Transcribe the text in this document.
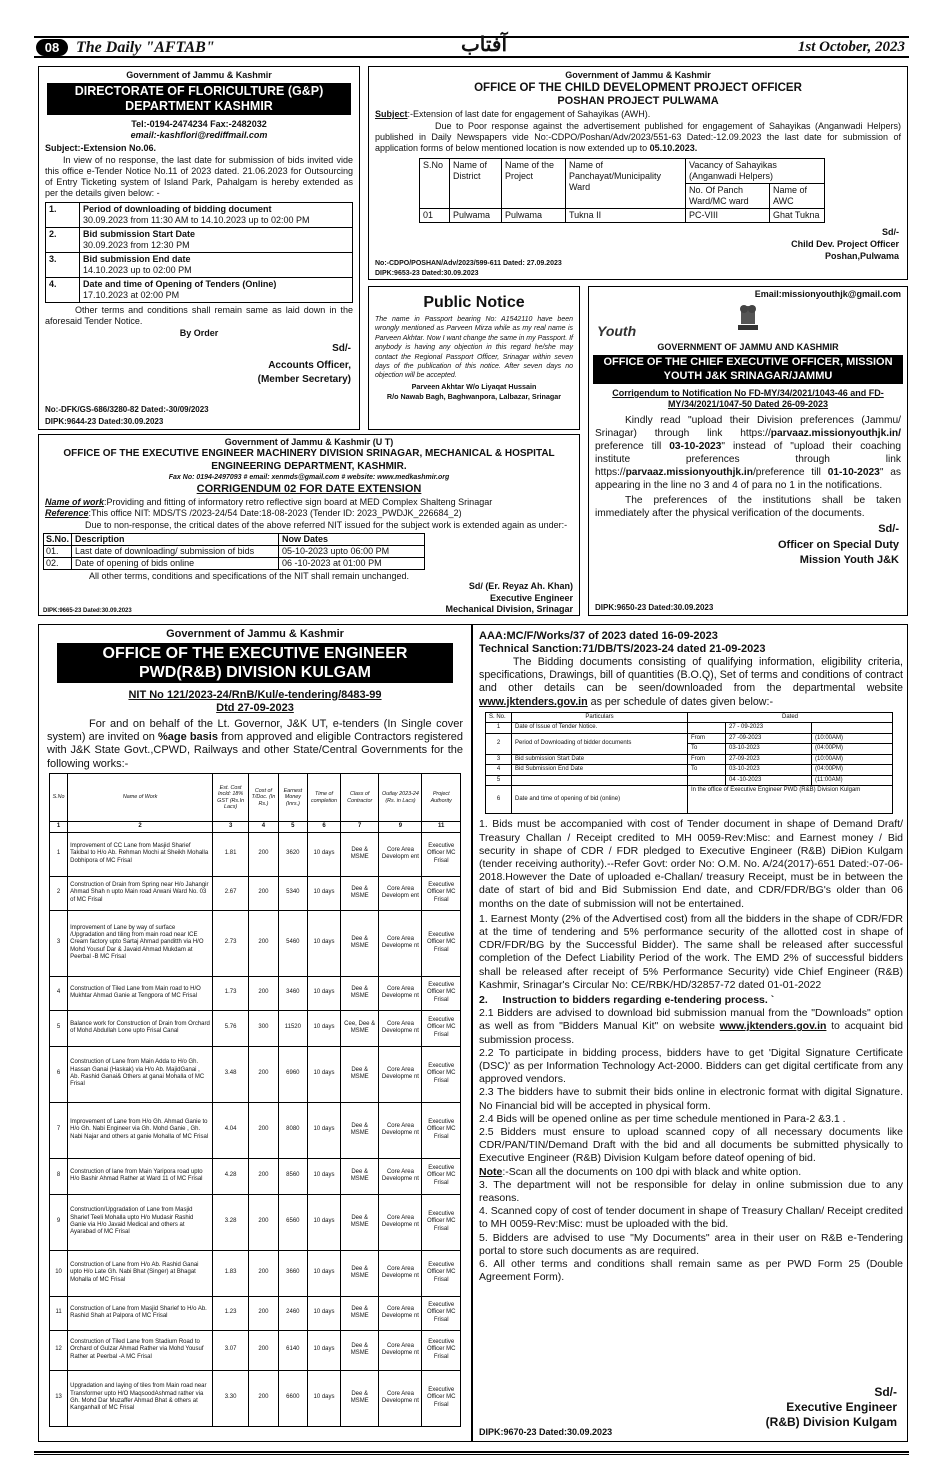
08	The Daily "AFTAB"	آفتاب	1st October, 2023
Government of Jammu & Kashmir
DIRECTORATE OF FLORICULTURE (G&P) DEPARTMENT KASHMIR
Tel:-0194-2474234 Fax:-2482032
email:-kashflori@rediffmail.com
Subject:-Extension No.06.
In view of no response, the last date for submission of bids invited vide this office e-Tender Notice No.11 of 2023 dated. 21.06.2023 for Outsourcing of Entry Ticketing system of Island Park, Pahalgam is hereby extended as per the details given below: -
1.	Period of downloading of bidding document
30.09.2023 from 11:30 AM to 14.10.2023 up to 02:00 PM

2.	Bid submission Start Date
30.09.2023 from 12:30 PM

3.	Bid submission End date
14.10.2023 up to 02:00 PM

4.	Date and time of Opening of Tenders (Online)
17.10.2023 at 02:00 PM
Other terms and conditions shall remain same as laid down in the aforesaid Tender Notice.
By Order
Sd/-
Accounts Officer,
(Member Secretary)
No:-DFK/GS-686/3280-82 Dated:-30/09/2023
DIPK:9644-23 Dated:30.09.2023
Government of Jammu & Kashmir
OFFICE OF THE CHILD DEVELOPMENT PROJECT OFFICER
POSHAN PROJECT PULWAMA
Subject:-Extension of last date for engagement of Sahayikas (AWH).
Due to Poor response against the advertisement published for engagement of Sahayikas (Anganwadi Helpers) published in Daily Newspapers vide No:-CDPO/Poshan/Adv/2023/551-63 Dated:-12.09.2023 the last date for submission of application forms of below mentioned location is now extended up to 05.10.2023.
S.No	Name of District	Name of the Project	Name of Panchayat/Municipality Ward	Vacancy of Sahayikas (Anganwadi Helpers)	
				No. Of Panch Ward/MC ward	Name of AWC
01	Pulwama	Pulwama	Tukna II	PC-VIII	Ghat Tukna
Sd/-
Child Dev. Project Officer
Poshan,Pulwama
No:-CDPO/POSHAN/Adv/2023/599-611 Dated: 27.09.2023
DIPK:9653-23 Dated:30.09.2023
Public Notice
The name in Passport bearing No: A1542110 have been wrongly mentioned as Parveen Mirza while as my real name is Parveen Akhtar. Now I want change the same in my Passport. If anybody is having any objection in this regard he/she may contact the Regional Passport Officer, Srinagar within seven days of the publication of this notice. After seven days no objection will be accepted.
Parveen Akhtar W/o Liyaqat Hussain
R/o Nawab Bagh, Baghwanpora, Lalbazar, Srinagar
Email:missionyouthjk@gmail.com
Youth
GOVERNMENT OF JAMMU AND KASHMIR
OFFICE OF THE CHIEF EXECUTIVE OFFICER, MISSION YOUTH J&K SRINAGAR/JAMMU
Corrigendum to Notification No FD-MY/34/2021/1043-46 and FD-MY/34/2021/1047-50 Dated 26-09-2023
Kindly read "upload their Division preferences (Jammu/ Srinagar) through link https://parvaaz.missionyouthjk.in/ preference till 03-10-2023" instead of "upload their coaching institute preferences through link https://parvaaz.missionyouthjk.in/preference till 01-10-2023" as appearing in the line no 3 and 4 of para no 1 in the notifications.
The preferences of the institutions shall be taken immediately after the physical verification of the documents.
Sd/-
Officer on Special Duty
Mission Youth J&K
DIPK:9650-23 Dated:30.09.2023
Government of Jammu & Kashmir (U T)
OFFICE OF THE EXECUTIVE ENGINEER MACHINERY DIVISION SRINAGAR, MECHANICAL & HOSPITAL ENGINEERING DEPARTMENT, KASHMIR.
Fax No: 0194-2497093 # email: xenmds@gmail.com # website: www.medkashmir.org
CORRIGENDUM 02 FOR DATE EXTENSION
Name of work:Providing and fitting of informatory retro reflective sign board at MED Complex Shalteng Srinagar
Reference:This office NIT: MDS/TS /2023-24/54 Date:18-08-2023 (Tender ID: 2023_PWDJK_226684_2)
Due to non-response, the critical dates of the above referred NIT issued for the subject work is extended again as under:-
S.No.	Description	Now Dates
01.	Last date of downloading/ submission of bids	05-10-2023 upto 06:00 PM
02.	Date of opening of bids online	06 -10-2023 at 01:00 PM
All other terms, conditions and specifications of the NIT shall remain unchanged.
Sd/ (Er. Reyaz Ah. Khan)
Executive Engineer
Mechanical Division, Srinagar
DIPK:9665-23 Dated:30.09.2023
Government of Jammu & Kashmir
OFFICE OF THE EXECUTIVE ENGINEER PWD(R&B) DIVISION KULGAM
NIT No 121/2023-24/RnB/Kul/e-tendering/8483-99
Dtd 27-09-2023
For and on behalf of the Lt. Governor, J&K UT, e-tenders (In Single cover system) are invited on %age basis from approved and eligible Contractors registered with J&K State Govt.,CPWD, Railways and other State/Central Governments for the following works:-
S.No	Name of Work	Est. Cost Incld: 18% GST (Rs.In Lacs)	Cost of T/Doc. (In Rs.)	Earnest Money (Inrs.)	Time of completion	Class of Contractor	Outlay 2023-24 (Rs. in Lacs)	Project Authority
1	2	3	4	5	6	7	9	11
1	Improvement of CC Lane from Masjid Sharief Takibal to H/o Ab. Rehman Mochi at Sheikh Mohalla Dobhipora of MC Frisal	1.81	200	3620	10 days	Dee & MSME	Core Area Developm ent	Executive Officer MC Frisal
2	Construction of Drain from Spring near H/o Jahangir Ahmad Shah n upto Main road Arwani Ward No. 03 of MC Frisal	2.67	200	5340	10 days	Dee & MSME	Core Area Developm ent	Executive Officer MC Frisal
3	Improvement of Lane by way of surface /Upgradation and tiling from main road near ICE Cream factory upto Sartaj Ahmad panditth via H/O Mohd Yousuf Dar & Javaid Ahmad Mukdam at Peerbal -B MC Frisal	2.73	200	5460	10 days	Dee & MSME	Core Area Developme nt	Executive Officer MC Frisal
4	Construction of Tiled Lane from Main road to H/O Mukhtar Ahmad Ganie at Tengpora of MC Frisal	1.73	200	3460	10 days	Dee & MSME	Core Area Developme nt	Executive Officer MC Frisal
5	Balance work for Construction of Drain from Orchard of Mohd Abdullah Lone upto Frisal Canal	5.76	300	11520	10 days	Cee, Dee & MSME	Core Area Developme nt	Executive Officer MC Frisal
6	Construction of Lane from Main Adda to H/o Gh. Hassan Ganai (Haskak) via H/o Ab. MajidGanai , Ab. Rashid Ganai& Others at ganai Mohalla of MC Frisal	3.48	200	6960	10 days	Dee & MSME	Core Area Developme nt	Executive Officer MC Frisal
7	Improvement of Lane from H/o Gh. Ahmad Ganie to H/o Gh. Nabi Engineer via Gh. Mohd Ganie , Gh. Nabi Najar and others at ganie Mohalla of MC Frisal	4.04	200	8080	10 days	Dee & MSME	Core Area Developme nt	Executive Officer MC Frisal
8	Construction of lane from Main Yaripora road upto H/o Bashir Ahmad Rather at Ward 11 of MC Frisal	4.28	200	8560	10 days	Dee & MSME	Core Area Developme nt	Executive Officer MC Frisal
9	Construction/Upgradation of Lane from Masjid Sharief Teeli Mohalla upto H/o Mudasir Rashid Ganie via H/o Javaid Medical and others at Ayarabad of MC Frisal	3.28	200	6560	10 days	Dee & MSME	Core Area Developme nt	Executive Officer MC Frisal
10	Construction of Lane from H/o Ab. Rashid Ganai upto H/o Late Gh. Nabi Bhat (Singer) at Bhagat Mohalla of MC Frisal	1.83	200	3660	10 days	Dee & MSME	Core Area Developme nt	Executive Officer MC Frisal
11	Construction of Lane from Masjid Sharief to H/o Ab. Rashid Shah at Palpora of MC Frisal	1.23	200	2460	10 days	Dee & MSME	Core Area Developme nt	Executive Officer MC Frisal
12	Construction of Tiled Lane from Stadium Road to Orchard of Gulzar Ahmad Rather via Mohd Yousuf Rather at Peerbal -A MC Frisal	3.07	200	6140	10 days	Dee & MSME	Core Area Developme nt	Executive Officer MC Frisal
13	Upgradation and laying of tiles from Main road near Transformer upto H/O MaqsoodAshmad rather via Gh. Mohd Dar Muzaffer Ahmad Bhat & others at Kanganhall of MC Frisal	3.30	200	6600	10 days	Dee & MSME	Core Area Developme nt	Executive Officer MC Frisal
AAA:MC/F/Works/37 of 2023 dated 16-09-2023
Technical Sanction:71/DB/TS/2023-24 dated 21-09-2023
The Bidding documents consisting of qualifying information, eligibility criteria, specifications, Drawings, bill of quantities (B.O.Q), Set of terms and conditions of contract and other details can be seen/downloaded from the departmental website www.jktenders.gov.in as per schedule of dates given below:-
S. No.	Particulars	Dated		
1	Date of Issue of Tender Notice.		27 - 09-2023	
2	Period of Downloading of bidder documents	From	27 -09-2023	(10:00AM)
		To	03-10-2023	(04:00PM)
3	Bid submission Start Date	From	27-09-2023	(10:00AM)
4	Bid Submission End Date	To	03-10-2023	(04:00PM)
5			04 -10-2023	(11:00AM)
6	Date and time of opening of bid (online)	In the office of Executive Engineer PWD (R&B) Division Kulgam		
1. Bids must be accompanied with cost of Tender document in shape of Demand Draft/ Treasury Challan / Receipt credited to MH 0059-Rev:Misc: and Earnest money / Bid security in shape of CDR / FDR pledged to Executive Engineer (R&B) DiÐion Kulgam (tender receiving authority).--Refer Govt: order No: O.M. No. A/24(2017)-651 Dated:-07-06-2018.However the Date of uploaded e-Challan/ treasury Receipt, must be in between the date of start of bid and Bid Submission End date, and CDR/FDR/BG's older than 06 months on the date of submission will not be entertained.
1. Earnest Monty (2% of the Advertised cost) from all the bidders in the shape of CDR/FDR at the time of tendering and 5% performance security of the allotted cost in shape of CDR/FDR/BG by the Successful Bidder). The same shall be released after successful completion of the Defect Liability Period of the work. The EMD 2% of successful bidders shall be released after receipt of 5% Performance Security) vide Chief Engineer (R&B) Kashmir, Srinagar's Circular No: CE/RBK/HD/32857-72 dated 01-01-2022
2. Instruction to bidders regarding e-tendering process. `
2.1 Bidders are advised to download bid submission manual from the "Downloads" option as well as from "Bidders Manual Kit" on website www.jktenders.gov.in to acquaint bid submission process.
2.2 To participate in bidding process, bidders have to get 'Digital Signature Certificate (DSC)' as per Information Technology Act-2000. Bidders can get digital certificate from any approved vendors.
2.3 The bidders have to submit their bids online in electronic format with digital Signature. No Financial bid will be accepted in physical form.
2.4 Bids will be opened online as per time schedule mentioned in Para-2 &3.1 .
2.5 Bidders must ensure to upload scanned copy of all necessary documents like CDR/PAN/TIN/Demand Draft with the bid and all documents be submitted physically to Executive Engineer (R&B) Division Kulgam before dateof opening of bid.
Note:-Scan all the documents on 100 dpi with black and white option.
3. The department will not be responsible for delay in online submission due to any reasons.
4. Scanned copy of cost of tender document in shape of Treasury Challan/ Receipt credited to MH 0059-Rev:Misc: must be uploaded with the bid.
5. Bidders are advised to use "My Documents" area in their user on R&B e-Tendering portal to store such documents as are required.
6. All other terms and conditions shall remain same as per PWD Form 25 (Double Agreement Form).
Sd/-
Executive Engineer
(R&B) Division Kulgam
DIPK:9670-23 Dated:30.09.2023
